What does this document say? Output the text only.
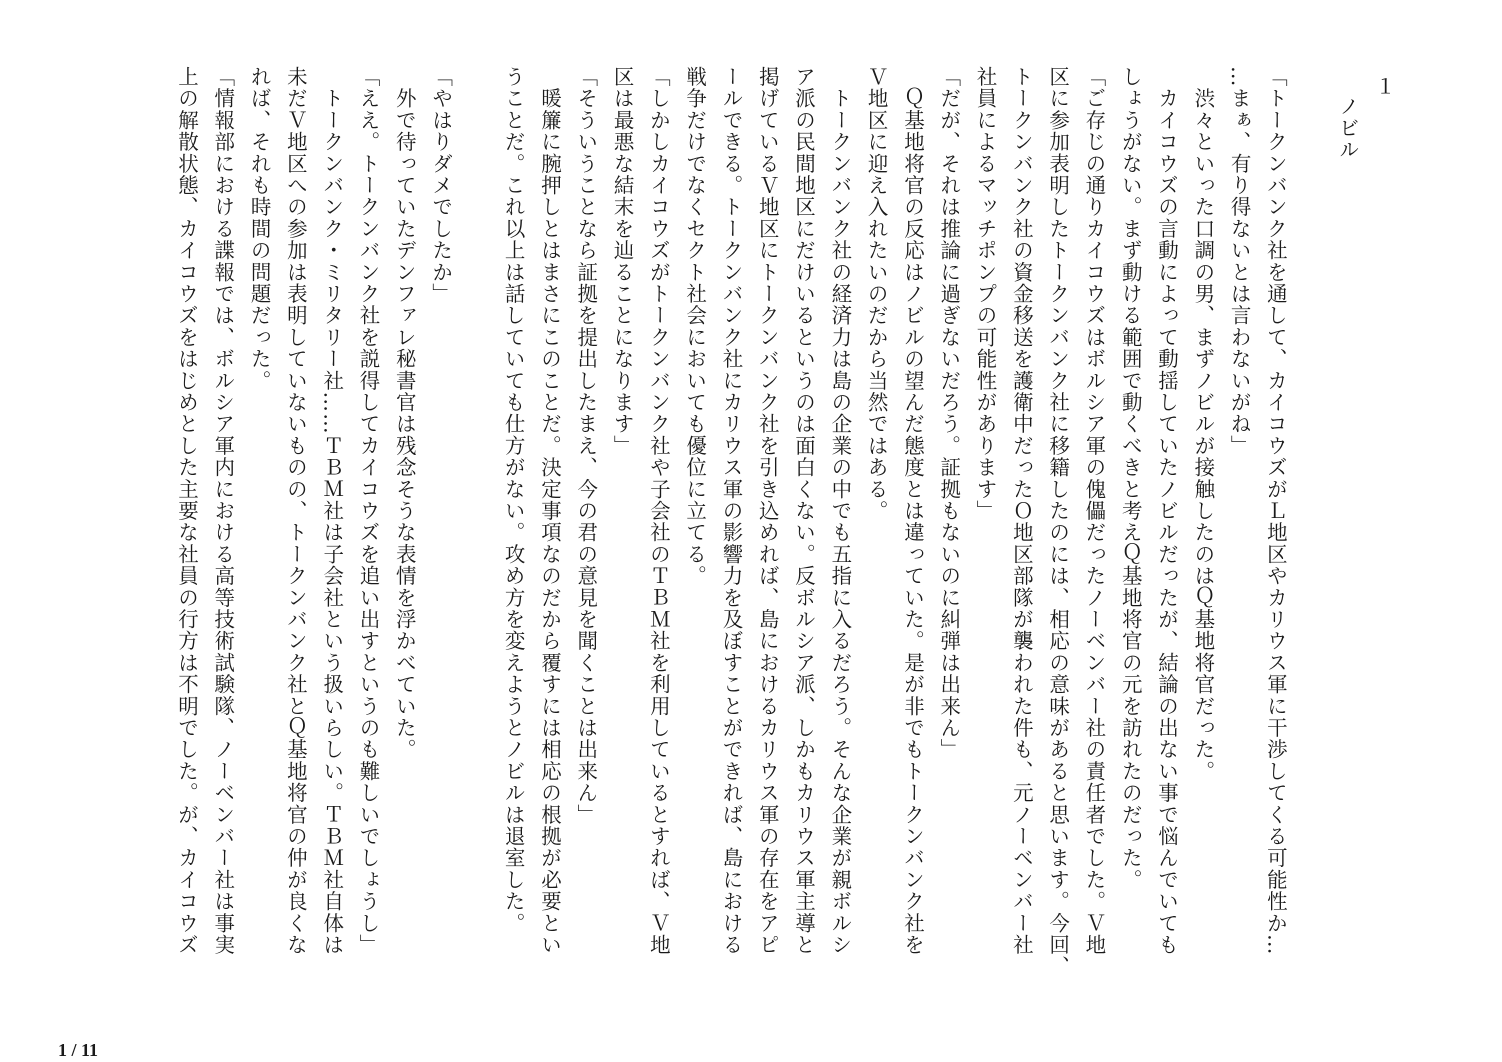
１
ノビル
「トークンバンク社を通して、カイコウズがＬ地区やカリウス軍に干渉してくる可能性か…
…まぁ、有り得ないとは言わないがね」
　渋々といった口調の男、まずノビルが接触したのはＱ基地将官だった。
　カイコウズの言動によって動揺していたノビルだったが、結論の出ない事で悩んでいても
しょうがない。まず動ける範囲で動くべきと考えＱ基地将官の元を訪れたのだった。
「ご存じの通りカイコウズはボルシア軍の傀儡だったノーベンバー社の責任者でした。Ｖ地
区に参加表明したトークンバンク社に移籍したのには、相応の意味があると思います。今回、
トークンバンク社の資金移送を護衛中だったＯ地区部隊が襲われた件も、元ノーベンバー社
社員によるマッチポンプの可能性があります」
「だが、それは推論に過ぎないだろう。証拠もないのに糾弾は出来ん」
　Ｑ基地将官の反応はノビルの望んだ態度とは違っていた。是が非でもトークンバンク社を
Ｖ地区に迎え入れたいのだから当然ではある。
　トークンバンク社の経済力は島の企業の中でも五指に入るだろう。そんな企業が親ボルシ
ア派の民間地区にだけいるというのは面白くない。反ボルシア派、しかもカリウス軍主導と
掲げているＶ地区にトークンバンク社を引き込めれば、島におけるカリウス軍の存在をアピ
ールできる。トークンバンク社にカリウス軍の影響力を及ぼすことができれば、島における
戦争だけでなくセクト社会においても優位に立てる。
「しかしカイコウズがトークンバンク社や子会社のＴＢＭ社を利用しているとすれば、Ｖ地
区は最悪な結末を辿ることになります」
「そういうことなら証拠を提出したまえ、今の君の意見を聞くことは出来ん」
　暖簾に腕押しとはまさにこのことだ。決定事項なのだから覆すには相応の根拠が必要とい
うことだ。これ以上は話していても仕方がない。攻め方を変えようとノビルは退室した。

「やはりダメでしたか」
　外で待っていたデンファレ秘書官は残念そうな表情を浮かべていた。
「ええ。トークンバンク社を説得してカイコウズを追い出すというのも難しいでしょうし」
　トークンバンク・ミリタリー社……ＴＢＭ社は子会社という扱いらしい。ＴＢＭ社自体は
未だＶ地区への参加は表明していないものの、トークンバンク社とＱ基地将官の仲が良くな
れば、それも時間の問題だった。
「情報部における諜報では、ボルシア軍内における高等技術試験隊、ノーベンバー社は事実
上の解散状態、カイコウズをはじめとした主要な社員の行方は不明でした。が、カイコウズ
1 / 11
